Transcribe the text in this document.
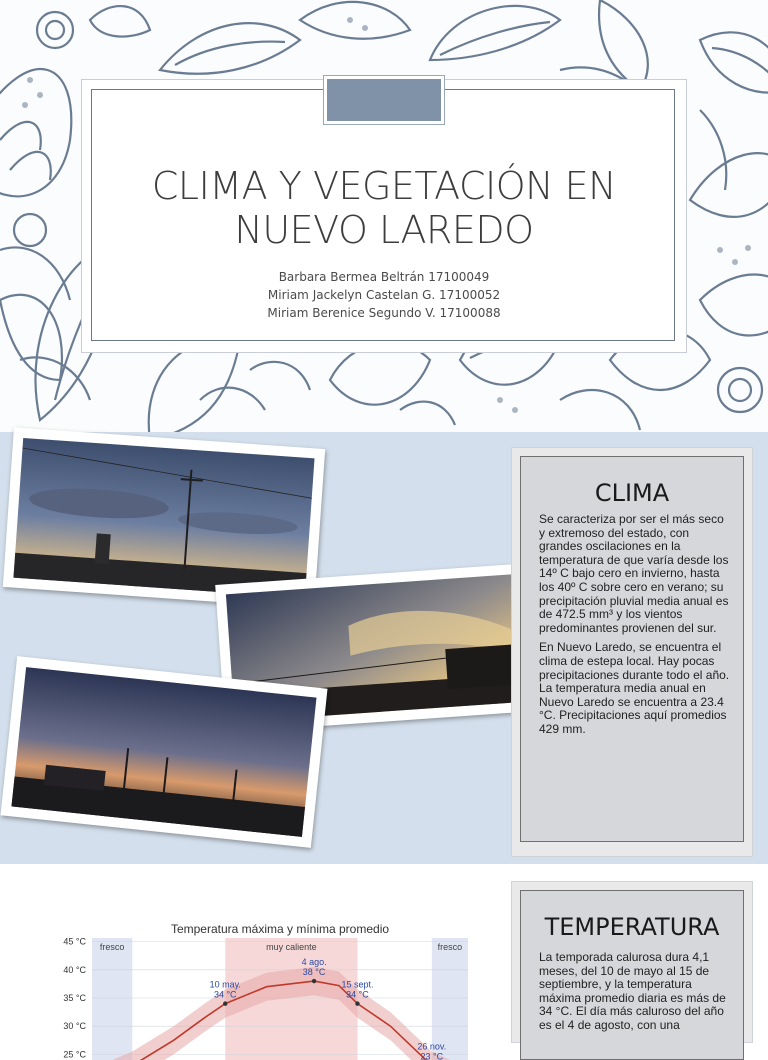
CLIMA Y VEGETACIÓN EN
NUEVO LAREDO
Barbara Bermea Beltrán 17100049
Miriam Jackelyn Castelan G. 17100052
Miriam Berenice Segundo V. 17100088
CLIMA

Se caracteriza por ser el más seco y extremoso del estado, con grandes oscilaciones en la temperatura de que varía desde los 14º C bajo cero en invierno, hasta los 40º C sobre cero en verano; su precipitación pluvial media anual es de 472.5 mm³ y los vientos predominantes provienen del sur.

En Nuevo Laredo, se encuentra el clima de estepa local. Hay pocas precipitaciones durante todo el año. La temperatura media anual en Nuevo Laredo se encuentra a 23.4 °C. Precipitaciones aquí promedios 429 mm.

Temperatura máxima y mínima promedio
fresco	muy caliente	fresco
45 °C
40 °C
35 °C
30 °C
25 °C
10 may.
34 °C
15 sept.
34 °C
4 ago.
38 °C
26 nov.
23 °C
TEMPERATURA

La temporada calurosa dura 4,1 meses, del 10 de mayo al 15 de septiembre, y la temperatura máxima promedio diaria es más de 34 °C. El día más caluroso del año es el 4 de agosto, con una
